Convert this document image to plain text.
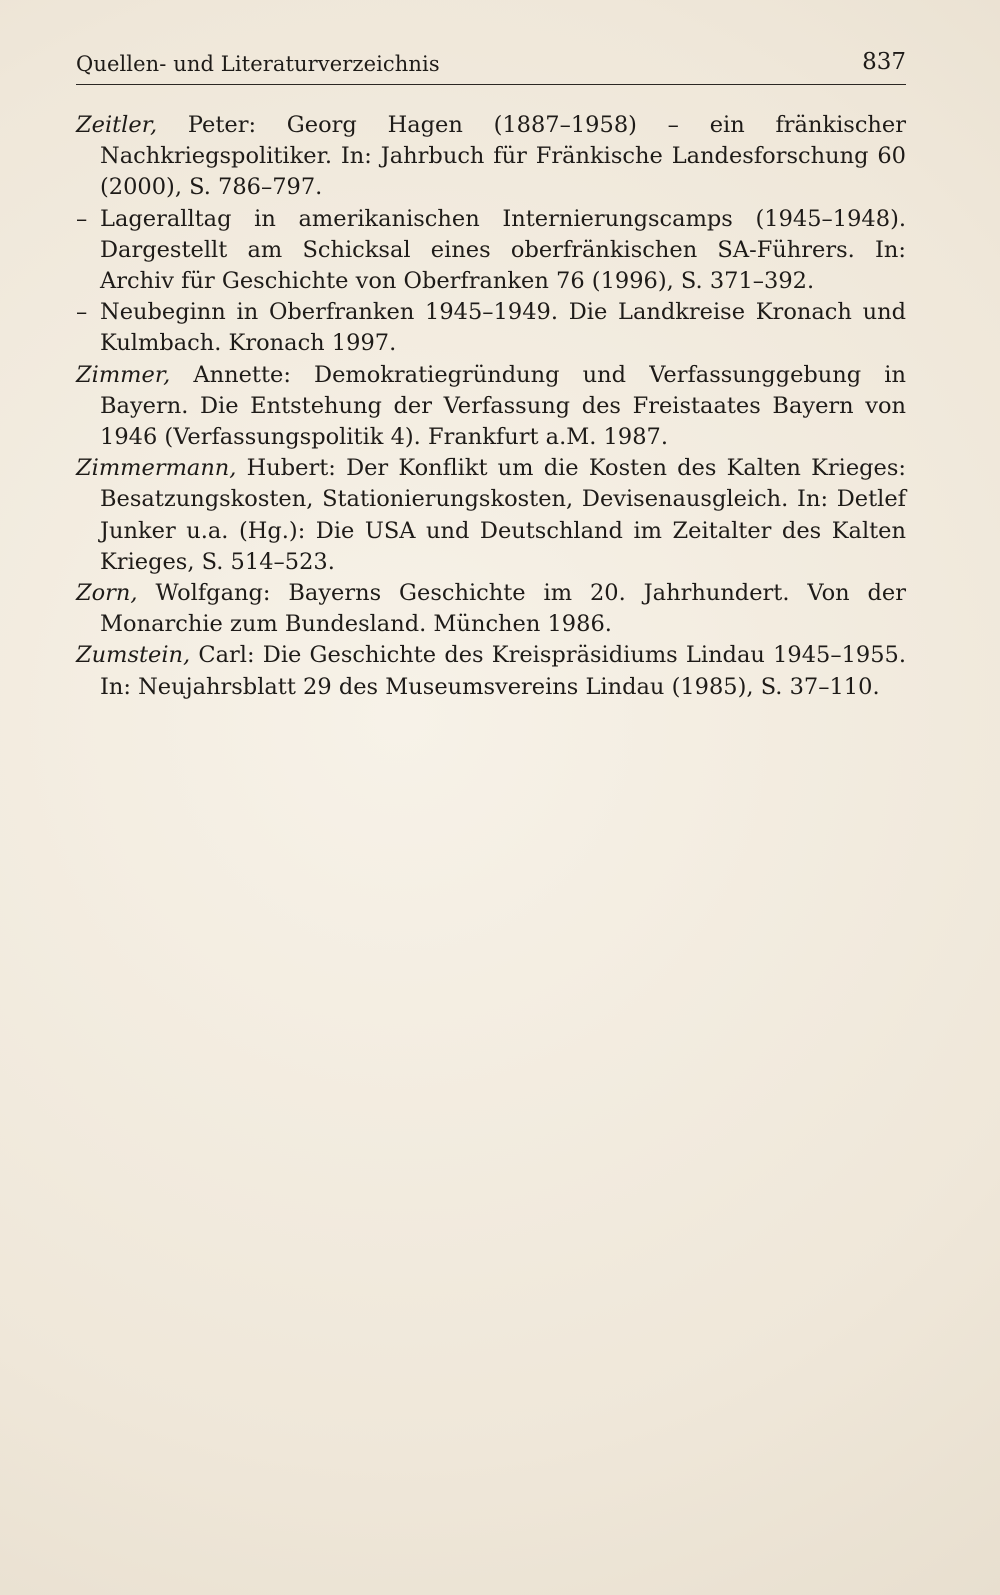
Quellen- und Literaturverzeichnis	837
Zeitler, Peter: Georg Hagen (1887–1958) – ein fränkischer Nachkriegspolitiker. In: Jahrbuch für Fränkische Landesforschung 60 (2000), S. 786–797.
– Lageralltag in amerikanischen Internierungscamps (1945–1948). Dargestellt am Schicksal eines oberfränkischen SA-Führers. In: Archiv für Geschichte von Oberfranken 76 (1996), S. 371–392.
– Neubeginn in Oberfranken 1945–1949. Die Landkreise Kronach und Kulmbach. Kronach 1997.
Zimmer, Annette: Demokratiegründung und Verfassunggebung in Bayern. Die Entstehung der Verfassung des Freistaates Bayern von 1946 (Verfassungspolitik 4). Frankfurt a.M. 1987.
Zimmermann, Hubert: Der Konflikt um die Kosten des Kalten Krieges: Besatzungskosten, Stationierungskosten, Devisenausgleich. In: Detlef Junker u.a. (Hg.): Die USA und Deutschland im Zeitalter des Kalten Krieges, S. 514–523.
Zorn, Wolfgang: Bayerns Geschichte im 20. Jahrhundert. Von der Monarchie zum Bundesland. München 1986.
Zumstein, Carl: Die Geschichte des Kreispräsidiums Lindau 1945–1955. In: Neujahrsblatt 29 des Museumsvereins Lindau (1985), S. 37–110.
